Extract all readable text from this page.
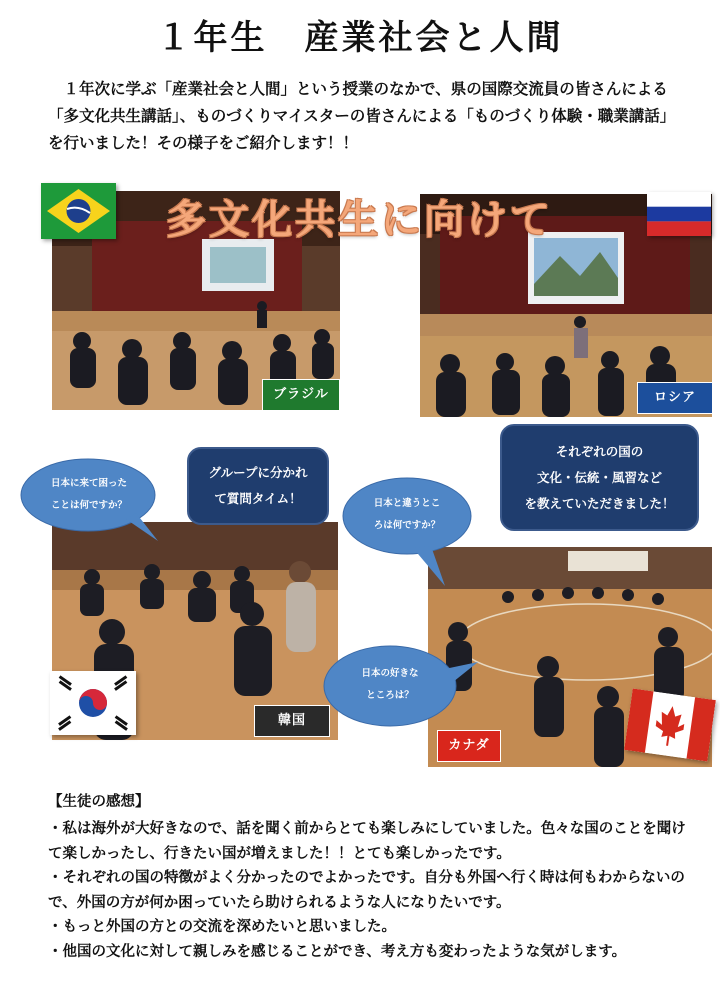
１年生　産業社会と人間

１年次に学ぶ「産業社会と人間」という授業のなかで、県の国際交流員の皆さんによる「多文化共生講話」、ものづくりマイスターの皆さんによる「ものづくり体験・職業講話」を行いました！その様子をご紹介します！！

多文化共生に向けて
ブラジル	ロシア
韓国
カナダ
グループに分かれ
て質問タイム！
それぞれの国の
文化・伝統・風習など
を教えていただきました！
日本に来て困った
ことは何ですか？	日本と違うとこ
ろは何ですか？
日本の好きな
ところは？

【生徒の感想】

・私は海外が大好きなので、話を聞く前からとても楽しみにしていました。色々な国のことを聞けて楽しかったし、行きたい国が増えました！！とても楽しかったです。

・それぞれの国の特徴がよく分かったのでよかったです。自分も外国へ行く時は何もわからないので、外国の方が何か困っていたら助けられるような人になりたいです。

・もっと外国の方との交流を深めたいと思いました。

・他国の文化に対して親しみを感じることができ、考え方も変わったような気がします。
